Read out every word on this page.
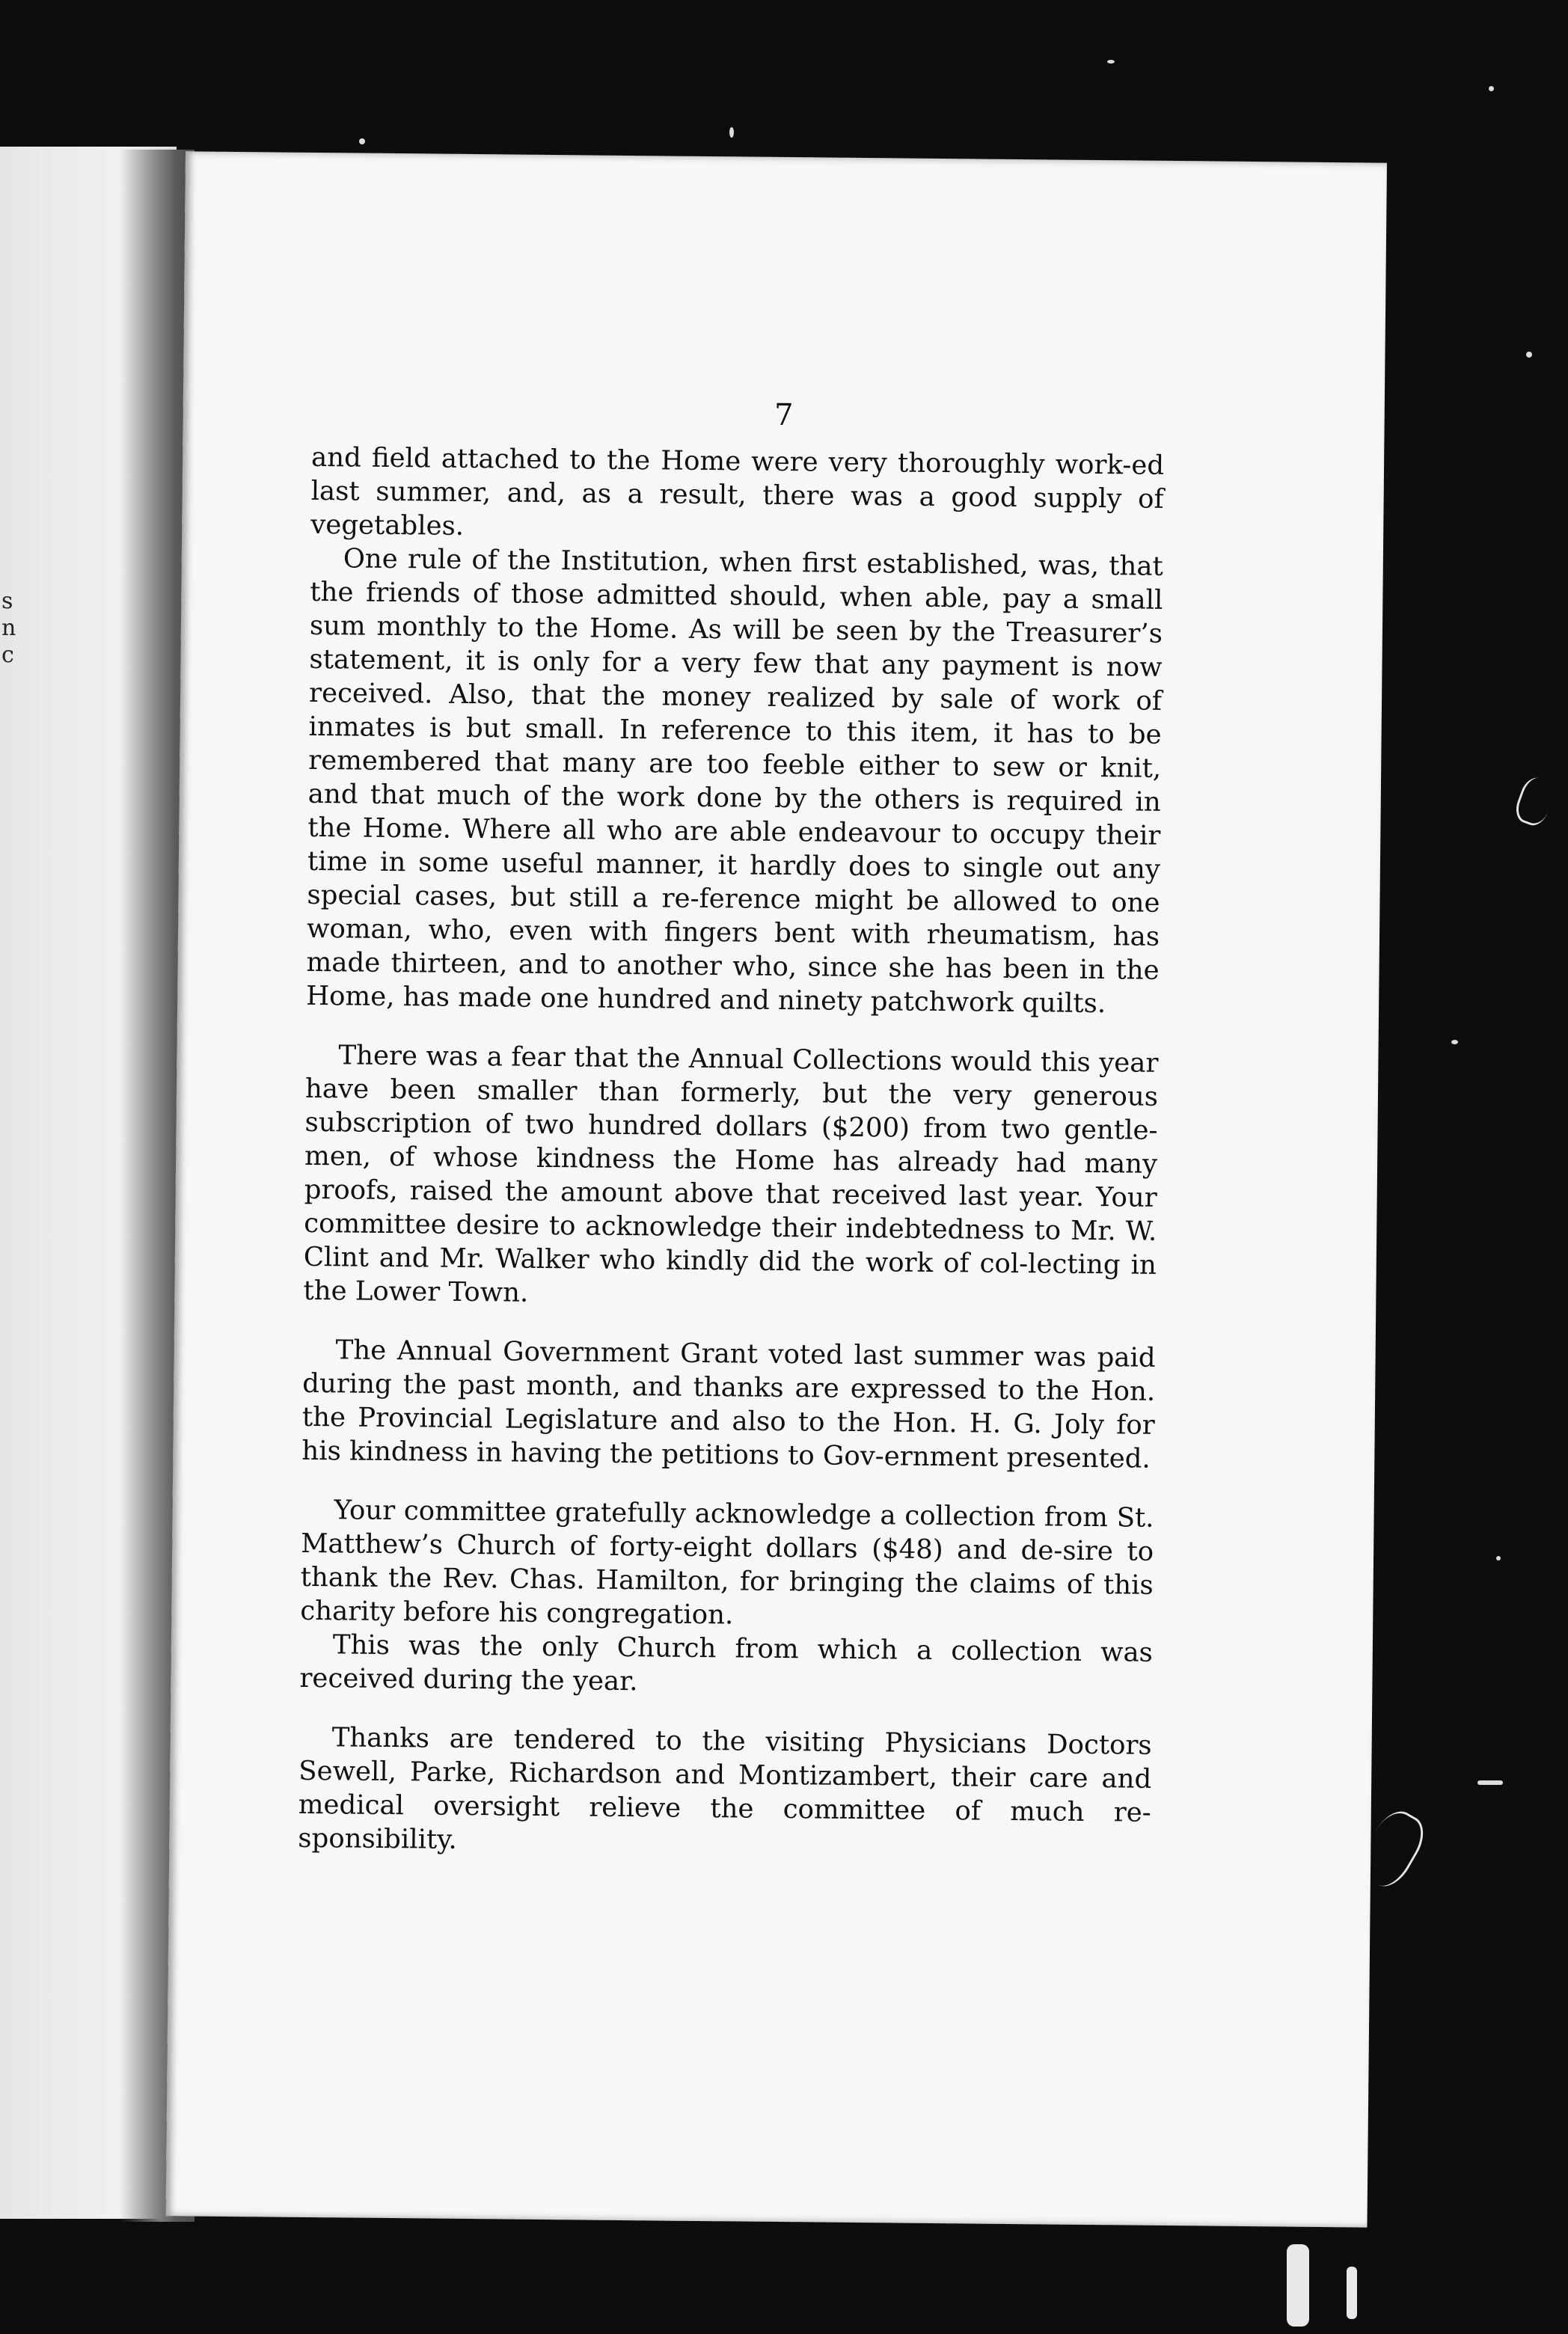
s
n
c
7

and field attached to the Home were very thoroughly work-ed last summer, and, as a result, there was a good supply of vegetables.

One rule of the Institution, when first established, was, that the friends of those admitted should, when able, pay a small sum monthly to the Home. As will be seen by the Treasurer’s statement, it is only for a very few that any payment is now received. Also, that the money realized by sale of work of inmates is but small. In reference to this item, it has to be remembered that many are too feeble either to sew or knit, and that much of the work done by the others is required in the Home. Where all who are able endeavour to occupy their time in some useful manner, it hardly does to single out any special cases, but still a re-ference might be allowed to one woman, who, even with fingers bent with rheumatism, has made thirteen, and to another who, since she has been in the Home, has made one hundred and ninety patchwork quilts.

There was a fear that the Annual Collections would this year have been smaller than formerly, but the very generous subscription of two hundred dollars ($200) from two gentle-men, of whose kindness the Home has already had many proofs, raised the amount above that received last year. Your committee desire to acknowledge their indebtedness to Mr. W. Clint and Mr. Walker who kindly did the work of col-lecting in the Lower Town.

The Annual Government Grant voted last summer was paid during the past month, and thanks are expressed to the Hon. the Provincial Legislature and also to the Hon. H. G. Joly for his kindness in having the petitions to Gov-ernment presented.

Your committee gratefully acknowledge a collection from St. Matthew’s Church of forty-eight dollars ($48) and de-sire to thank the Rev. Chas. Hamilton, for bringing the claims of this charity before his congregation.

This was the only Church from which a collection was received during the year.

Thanks are tendered to the visiting Physicians Doctors Sewell, Parke, Richardson and Montizambert, their care and medical oversight relieve the committee of much re-sponsibility.
